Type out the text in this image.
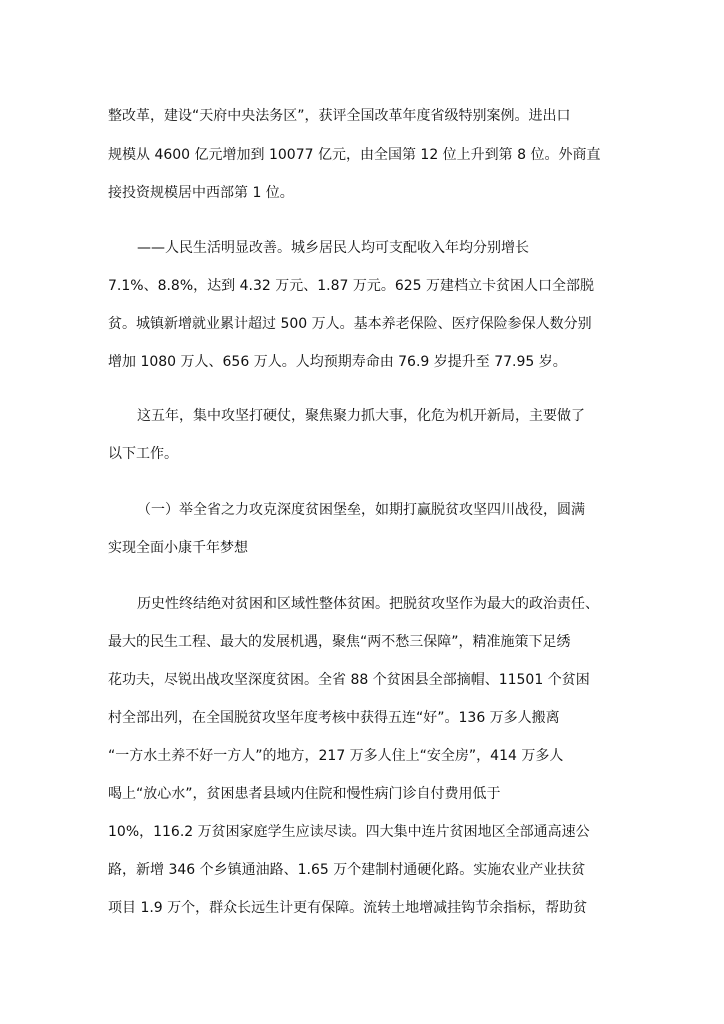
整改革，建设“天府中央法务区”，获评全国改革年度省级特别案例。进出口
规模从 4600 亿元增加到 10077 亿元，由全国第 12 位上升到第 8 位。外商直
接投资规模居中西部第 1 位。
——人民生活明显改善。城乡居民人均可支配收入年均分别增长
7.1%、8.8%，达到 4.32 万元、1.87 万元。625 万建档立卡贫困人口全部脱
贫。城镇新增就业累计超过 500 万人。基本养老保险、医疗保险参保人数分别
增加 1080 万人、656 万人。人均预期寿命由 76.9 岁提升至 77.95 岁。
这五年，集中攻坚打硬仗，聚焦聚力抓大事，化危为机开新局，主要做了
以下工作。
（一）举全省之力攻克深度贫困堡垒，如期打赢脱贫攻坚四川战役，圆满
实现全面小康千年梦想
历史性终结绝对贫困和区域性整体贫困。把脱贫攻坚作为最大的政治责任、
最大的民生工程、最大的发展机遇，聚焦“两不愁三保障”，精准施策下足绣
花功夫，尽锐出战攻坚深度贫困。全省 88 个贫困县全部摘帽、11501 个贫困
村全部出列，在全国脱贫攻坚年度考核中获得五连“好”。136 万多人搬离
“一方水土养不好一方人”的地方，217 万多人住上“安全房”，414 万多人
喝上“放心水”，贫困患者县域内住院和慢性病门诊自付费用低于
10%，116.2 万贫困家庭学生应读尽读。四大集中连片贫困地区全部通高速公
路，新增 346 个乡镇通油路、1.65 万个建制村通硬化路。实施农业产业扶贫
项目 1.9 万个，群众长远生计更有保障。流转土地增减挂钩节余指标，帮助贫
